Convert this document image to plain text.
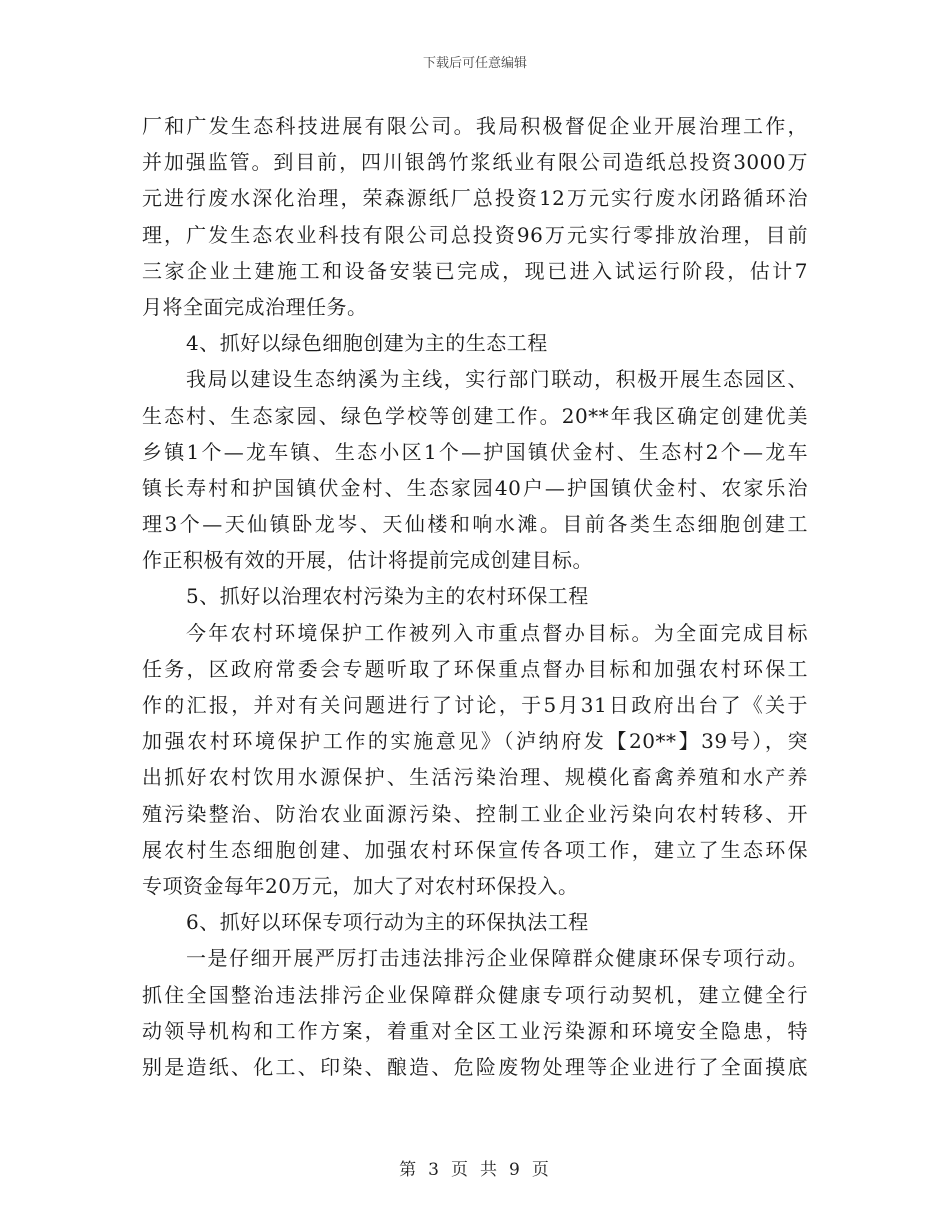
下载后可任意编辑
厂和广发生态科技进展有限公司。我局积极督促企业开展治理工作，
并加强监管。到目前，四川银鸽竹浆纸业有限公司造纸总投资3000万
元进行废水深化治理，荣森源纸厂总投资12万元实行废水闭路循环治
理，广发生态农业科技有限公司总投资96万元实行零排放治理，目前
三家企业土建施工和设备安装已完成，现已进入试运行阶段，估计7
月将全面完成治理任务。
4、抓好以绿色细胞创建为主的生态工程
我局以建设生态纳溪为主线，实行部门联动，积极开展生态园区、
生态村、生态家园、绿色学校等创建工作。20**年我区确定创建优美
乡镇1个—龙车镇、生态小区1个—护国镇伏金村、生态村2个—龙车
镇长寿村和护国镇伏金村、生态家园40户—护国镇伏金村、农家乐治
理3个—天仙镇卧龙岑、天仙楼和响水滩。目前各类生态细胞创建工
作正积极有效的开展，估计将提前完成创建目标。
5、抓好以治理农村污染为主的农村环保工程
今年农村环境保护工作被列入市重点督办目标。为全面完成目标
任务，区政府常委会专题听取了环保重点督办目标和加强农村环保工
作的汇报，并对有关问题进行了讨论，于5月31日政府出台了《关于
加强农村环境保护工作的实施意见》（泸纳府发【20**】39号），突
出抓好农村饮用水源保护、生活污染治理、规模化畜禽养殖和水产养
殖污染整治、防治农业面源污染、控制工业企业污染向农村转移、开
展农村生态细胞创建、加强农村环保宣传各项工作，建立了生态环保
专项资金每年20万元，加大了对农村环保投入。
6、抓好以环保专项行动为主的环保执法工程
一是仔细开展严厉打击违法排污企业保障群众健康环保专项行动。
抓住全国整治违法排污企业保障群众健康专项行动契机，建立健全行
动领导机构和工作方案，着重对全区工业污染源和环境安全隐患，特
别是造纸、化工、印染、酿造、危险废物处理等企业进行了全面摸底
第 3 页 共 9 页
